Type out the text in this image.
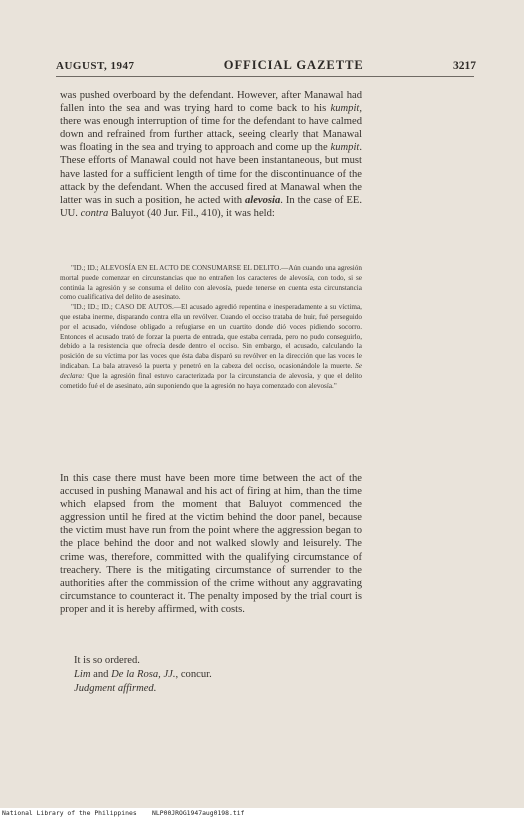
AUGUST, 1947	OFFICIAL GAZETTE	3217

was pushed overboard by the defendant. However, after Manawal had fallen into the sea and was trying hard to come back to his kumpit, there was enough interruption of time for the defendant to have calmed down and refrained from further attack, seeing clearly that Manawal was floating in the sea and trying to approach and come up the kumpit. These efforts of Manawal could not have been instantaneous, but must have lasted for a sufficient length of time for the discontinuance of the attack by the defendant. When the accused fired at Manawal when the latter was in such a position, he acted with alevosia. In the case of EE. UU. contra Baluyot (40 Jur. Fil., 410), it was held:

"ID.; ID.; ALEVOSÍA EN EL ACTO DE CONSUMARSE EL DELITO.—Aún cuando una agresión mortal puede comenzar en circunstancias que no entrañen los caracteres de alevosía, con todo, si se continúa la agresión y se consuma el delito con alevosía, puede tenerse en cuenta esta circunstancia como cualificativa del delito de asesinato.

"ID.; ID.; ID.; CASO DE AUTOS.—El acusado agredió repentina e inesperadamente a su víctima, que estaba inerme, disparando contra ella un revólver. Cuando el occiso trataba de huir, fué perseguido por el acusado, viéndose obligado a refugiarse en un cuartito donde dió voces pidiendo socorro. Entonces el acusado trató de forzar la puerta de entrada, que estaba cerrada, pero no pudo conseguirlo, debido a la resistencia que ofrecía desde dentro el occiso. Sin embargo, el acusado, calculando la posición de su víctima por las voces que ésta daba disparó su revólver en la dirección que las voces le indicaban. La bala atravesó la puerta y penetró en la cabeza del occiso, ocasionándole la muerte. Se declara: Que la agresión final estuvo caracterizada por la circunstancia de alevosía, y que el delito cometido fué el de asesinato, aún suponiendo que la agresión no haya comenzado con alevosía."

In this case there must have been more time between the act of the accused in pushing Manawal and his act of firing at him, than the time which elapsed from the moment that Baluyot commenced the aggression until he fired at the victim behind the door panel, because the victim must have run from the point where the aggression began to the place behind the door and not walked slowly and leisurely. The crime was, therefore, committed with the qualifying circumstance of treachery. There is the mitigating circumstance of surrender to the authorities after the commission of the crime without any aggravating circumstance to counteract it. The penalty imposed by the trial court is proper and it is hereby affirmed, with costs.

It is so ordered.

Lim and De la Rosa, JJ., concur.

Judgment affirmed.

National Library of the Philippines    NLP00JROG1947aug0198.tif
